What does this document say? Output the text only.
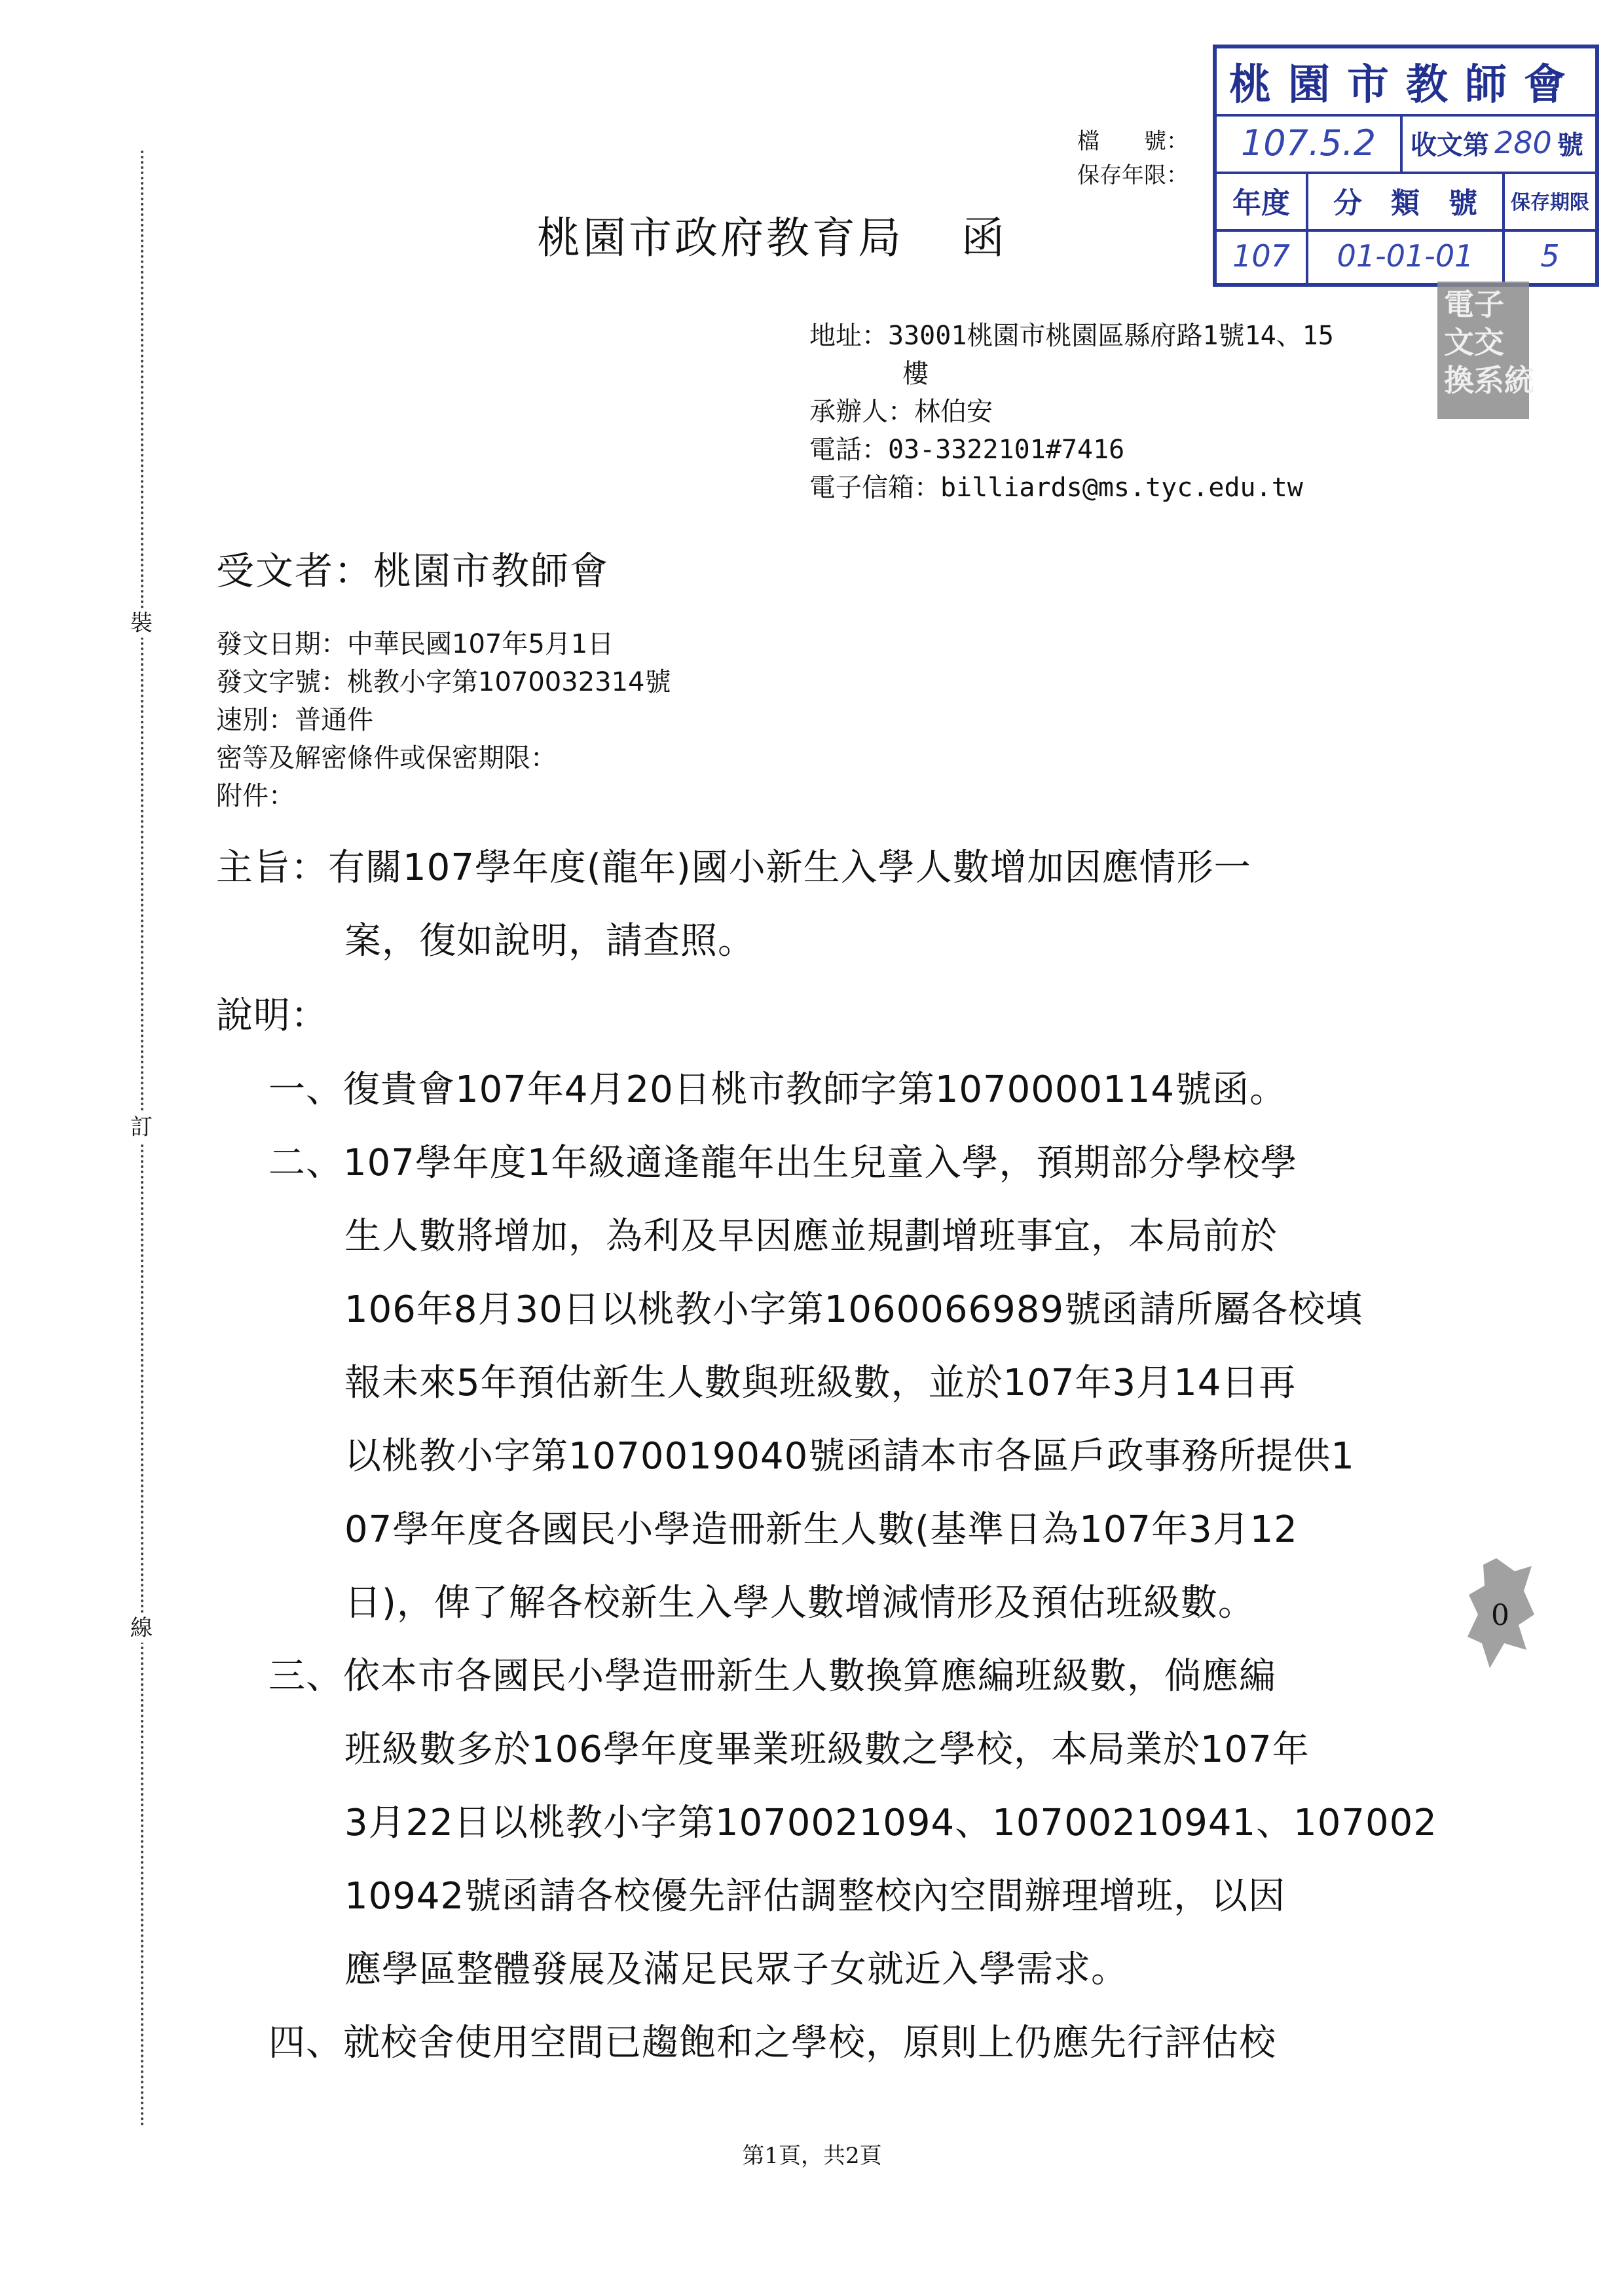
裝
訂
線
桃園市教師會
107.5.2	收文第 280 號
年度	分　類　號	保存期限
107	01-01-01	5
電子
文交
換系統
檔　　號：
保存年限：
桃園市政府教育局 函
地址：33001桃園市桃園區縣府路1號14、15
樓
承辦人：林伯安
電話：03-3322101#7416
電子信箱：billiards@ms.tyc.edu.tw
受文者：桃園市教師會
發文日期：中華民國107年5月1日
發文字號：桃教小字第1070032314號
速別：普通件
密等及解密條件或保密期限：
附件：
主旨：有關107學年度(龍年)國小新生入學人數增加因應情形一
案，復如說明，請查照。
說明：
一、復貴會107年4月20日桃市教師字第1070000114號函。
二、107學年度1年級適逢龍年出生兒童入學，預期部分學校學
生人數將增加，為利及早因應並規劃增班事宜，本局前於
106年8月30日以桃教小字第1060066989號函請所屬各校填
報未來5年預估新生人數與班級數，並於107年3月14日再
以桃教小字第1070019040號函請本市各區戶政事務所提供1
07學年度各國民小學造冊新生人數(基準日為107年3月12
日)，俾了解各校新生入學人數增減情形及預估班級數。
三、依本市各國民小學造冊新生人數換算應編班級數，倘應編
班級數多於106學年度畢業班級數之學校，本局業於107年
3月22日以桃教小字第1070021094、10700210941、107002
10942號函請各校優先評估調整校內空間辦理增班，以因
應學區整體發展及滿足民眾子女就近入學需求。
四、就校舍使用空間已趨飽和之學校，原則上仍應先行評估校
0
第1頁，共2頁
